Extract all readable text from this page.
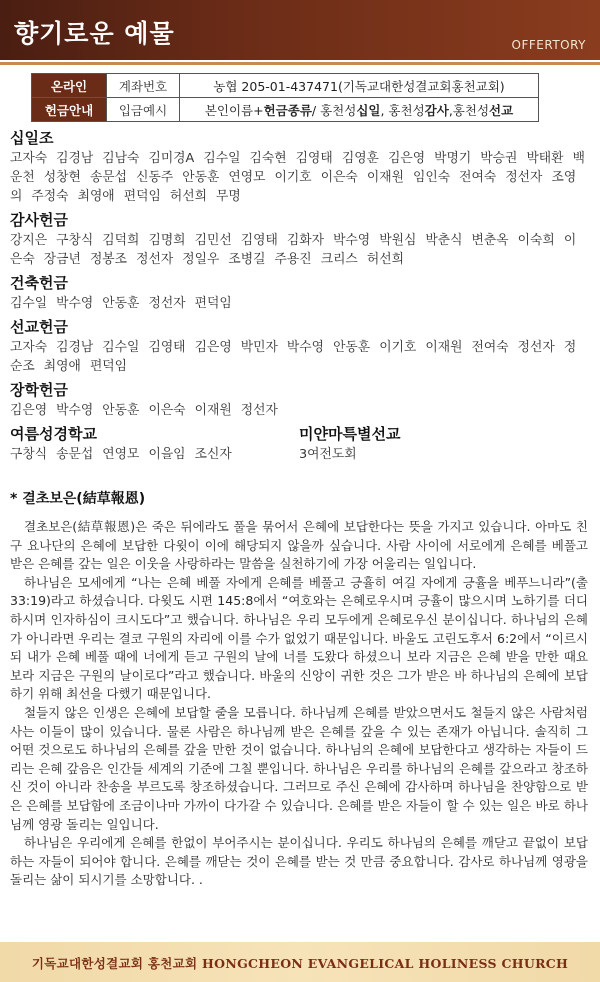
향기로운 예물	OFFERTORY
온라인	계좌번호	농협 205-01-437471(기독교대한성결교회홍천교회)
헌금안내	입금예시	본인이름+헌금종류/ 홍천성십일, 홍천성감사,홍천성선교
십일조
고자숙 김경남 김남숙 김미경A 김수일 김숙현 김영태 김영훈 김은영 박명기 박승권 박태환 백운천 성창현 송문섭 신동주 안동훈 연영모 이기호 이은숙 이재원 임인숙 전여숙 정선자 조영의 주정숙 최영애 편덕임 허선희 무명
감사헌금
강지은 구창식 김덕희 김명희 김민선 김영태 김화자 박수영 박원심 박춘식 변춘옥 이숙희 이은숙 장금년 정봉조 정선자 정일우 조병길 주용진 크리스 허선희
건축헌금
김수일 박수영 안동훈 정선자 편덕임
선교헌금
고자숙 김경남 김수일 김영태 김은영 박민자 박수영 안동훈 이기호 이재원 전여숙 정선자 정순조 최영애 편덕임
장학헌금
김은영 박수영 안동훈 이은숙 이재원 정선자
여름성경학교
구창식 송문섭 연영모 이을임 조신자
미얀마특별선교
3여전도회
* 결초보은(結草報恩)

결초보은(結草報恩)은 죽은 뒤에라도 풀을 묶어서 은혜에 보답한다는 뜻을 가지고 있습니다. 아마도 친구 요나단의 은혜에 보답한 다윗이 이에 해당되지 않을까 싶습니다. 사람 사이에 서로에게 은혜를 베풀고 받은 은혜를 갚는 일은 이웃을 사랑하라는 말씀을 실천하기에 가장 어울리는 일입니다.

하나님은 모세에게 “나는 은혜 베풀 자에게 은혜를 베풀고 긍휼히 여길 자에게 긍휼을 베푸느니라”(출 33:19)라고 하셨습니다. 다윗도 시편 145:8에서 “여호와는 은혜로우시며 긍휼이 많으시며 노하기를 더디 하시며 인자하심이 크시도다”고 했습니다. 하나님은 우리 모두에게 은혜로우신 분이십니다. 하나님의 은혜가 아니라면 우리는 결코 구원의 자리에 이를 수가 없었기 때문입니다. 바울도 고린도후서 6:2에서 “이르시되 내가 은혜 베풀 때에 너에게 듣고 구원의 날에 너를 도왔다 하셨으니 보라 지금은 은혜 받을 만한 때요 보라 지금은 구원의 날이로다”라고 했습니다. 바울의 신앙이 귀한 것은 그가 받은 바 하나님의 은혜에 보답하기 위해 최선을 다했기 때문입니다.

철들지 않은 인생은 은혜에 보답할 줄을 모릅니다. 하나님께 은혜를 받았으면서도 철들지 않은 사람처럼 사는 이들이 많이 있습니다. 물론 사람은 하나님께 받은 은혜를 갚을 수 있는 존재가 아닙니다. 솔직히 그 어떤 것으로도 하나님의 은혜를 갚을 만한 것이 없습니다. 하나님의 은혜에 보답한다고 생각하는 자들이 드리는 은혜 갚음은 인간들 세계의 기준에 그칠 뿐입니다. 하나님은 우리를 하나님의 은혜를 갚으라고 창조하신 것이 아니라 찬송을 부르도록 창조하셨습니다. 그러므로 주신 은혜에 감사하며 하나님을 찬양함으로 받은 은혜를 보답함에 조금이나마 가까이 다가갈 수 있습니다. 은혜를 받은 자들이 할 수 있는 일은 바로 하나님께 영광 돌리는 일입니다.

하나님은 우리에게 은혜를 한없이 부어주시는 분이십니다. 우리도 하나님의 은혜를 깨닫고 끝없이 보답하는 자들이 되어야 합니다. 은혜를 깨닫는 것이 은혜를 받는 것 만큼 중요합니다. 감사로 하나님께 영광을 돌리는 삶이 되시기를 소망합니다. .

기독교대한성결교회 홍천교회 HONGCHEON EVANGELICAL HOLINESS CHURCH
